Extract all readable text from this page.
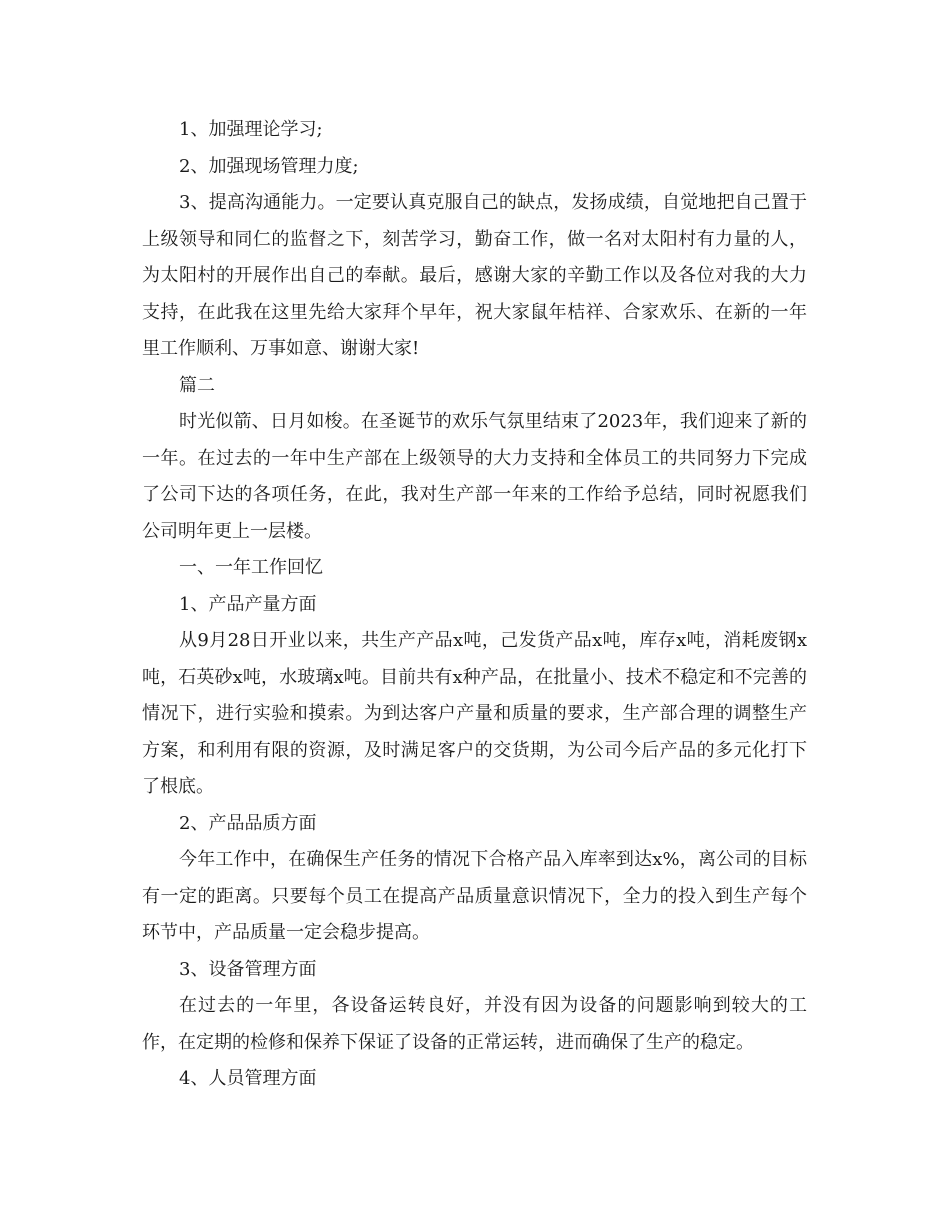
1、加强理论学习;

2、加强现场管理力度;

3、提高沟通能力。一定要认真克服自己的缺点，发扬成绩，自觉地把自己置于上级领导和同仁的监督之下，刻苦学习，勤奋工作，做一名对太阳村有力量的人，为太阳村的开展作出自己的奉献。最后，感谢大家的辛勤工作以及各位对我的大力支持，在此我在这里先给大家拜个早年，祝大家鼠年桔祥、合家欢乐、在新的一年里工作顺利、万事如意、谢谢大家!

篇二

时光似箭、日月如梭。在圣诞节的欢乐气氛里结束了2023年，我们迎来了新的一年。在过去的一年中生产部在上级领导的大力支持和全体员工的共同努力下完成了公司下达的各项任务，在此，我对生产部一年来的工作给予总结，同时祝愿我们公司明年更上一层楼。

一、一年工作回忆

1、产品产量方面

从9月28日开业以来，共生产产品x吨，己发货产品x吨，库存x吨，消耗废钢x吨，石英砂x吨，水玻璃x吨。目前共有x种产品，在批量小、技术不稳定和不完善的情况下，进行实验和摸索。为到达客户产量和质量的要求，生产部合理的调整生产方案，和利用有限的资源，及时满足客户的交货期，为公司今后产品的多元化打下了根底。

2、产品品质方面

今年工作中，在确保生产任务的情况下合格产品入库率到达x%，离公司的目标有一定的距离。只要每个员工在提高产品质量意识情况下，全力的投入到生产每个环节中，产品质量一定会稳步提高。

3、设备管理方面

在过去的一年里，各设备运转良好，并没有因为设备的问题影响到较大的工作，在定期的检修和保养下保证了设备的正常运转，进而确保了生产的稳定。

4、人员管理方面
